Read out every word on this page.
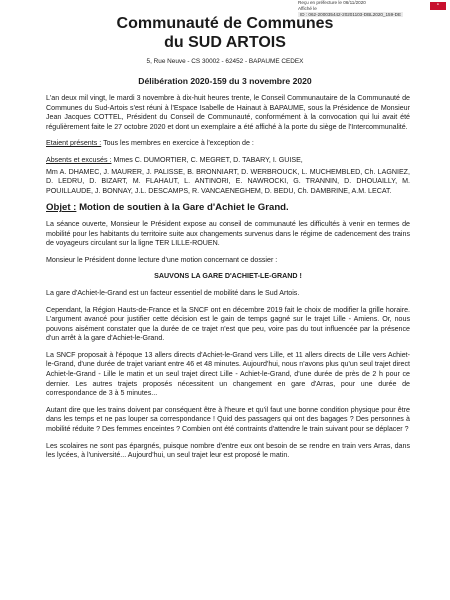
Reçu en préfecture le 06/11/2020
Affiché le
ID : 062-200035442-20201103-DBL2020_159-DE
●
Communauté de Communes
du SUD ARTOIS
5, Rue Neuve - CS 30002 - 62452 - BAPAUME CEDEX
Délibération 2020-159 du 3 novembre 2020

L'an deux mil vingt, le mardi 3 novembre à dix-huit heures trente, le Conseil Communautaire de la Communauté de Communes du Sud-Artois s'est réuni à l'Espace Isabelle de Hainaut à BAPAUME, sous la Présidence de Monsieur Jean Jacques COTTEL, Président du Conseil de Communauté, conformément à la convocation qui lui avait été régulièrement faite le 27 octobre 2020 et dont un exemplaire a été affiché à la porte du siège de l'Intercommunalité.

Etaient présents : Tous les membres en exercice à l'exception de :

Absents et excusés : Mmes C. DUMORTIER, C. MEGRET, D. TABARY, I. GUISE,

Mm A. DHAMEC, J. MAURER, J. PALISSE, B. BRONNIART, D. WERBROUCK, L. MUCHEMBLED, Ch. LAGNIEZ, D. LEDRU, D. BIZART, M. FLAHAUT, L. ANTINORI, E. NAWROCKI, G. TRANNIN, D. DHOUAILLY, M. POUILLAUDE, J. BONNAY, J.L. DESCAMPS, R. VANCAENEGHEM, D. BEDU, Ch. DAMBRINE, A.M. LECAT.

Objet : Motion de soutien à la Gare d'Achiet le Grand.

La séance ouverte, Monsieur le Président expose au conseil de communauté les difficultés à venir en termes de mobilité pour les habitants du territoire suite aux changements survenus dans le régime de cadencement des trains de voyageurs circulant sur la ligne TER LILLE-ROUEN.

Monsieur le Président donne lecture d'une motion concernant ce dossier :

SAUVONS LA GARE D'ACHIET-LE-GRAND !

La gare d'Achiet-le-Grand est un facteur essentiel de mobilité dans le Sud Artois.

Cependant, la Région Hauts-de-France et la SNCF ont en décembre 2019 fait le choix de modifier la grille horaire. L'argument avancé pour justifier cette décision est le gain de temps gagné sur le trajet Lille - Amiens. Or, nous pouvons aisément constater que la durée de ce trajet n'est que peu, voire pas du tout influencée par la présence d'un arrêt à la gare d'Achiet-le-Grand.

La SNCF proposait à l'époque 13 allers directs d'Achiet-le-Grand vers Lille, et 11 allers directs de Lille vers Achiet-le-Grand, d'une durée de trajet variant entre 46 et 48 minutes. Aujourd'hui, nous n'avons plus qu'un seul trajet direct Achiet-le-Grand - Lille le matin et un seul trajet direct Lille - Achiet-le-Grand, d'une durée de près de 2 h pour ce dernier. Les autres trajets proposés nécessitent un changement en gare d'Arras, pour une durée de correspondance de 3 à 5 minutes...

Autant dire que les trains doivent par conséquent être à l'heure et qu'il faut une bonne condition physique pour être dans les temps et ne pas louper sa correspondance ! Quid des passagers qui ont des bagages ? Des personnes à mobilité réduite ? Des femmes enceintes ? Combien ont été contraints d'attendre le train suivant pour se déplacer ?

Les scolaires ne sont pas épargnés, puisque nombre d'entre eux ont besoin de se rendre en train vers Arras, dans les lycées, à l'université... Aujourd'hui, un seul trajet leur est proposé le matin.
